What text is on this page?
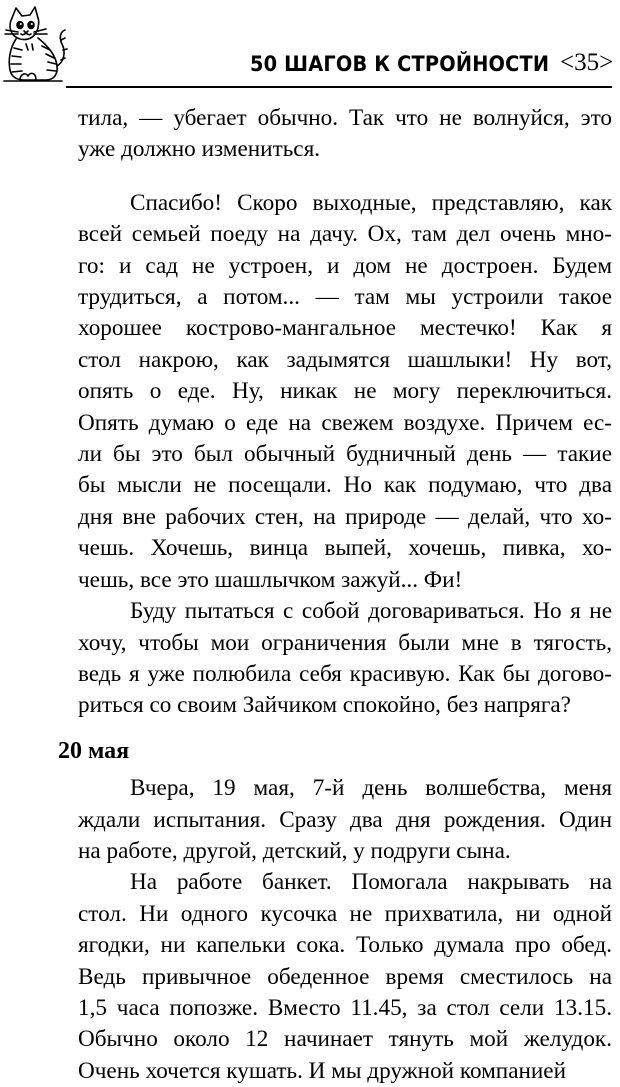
50 ШАГОВ К СТРОЙНОСТИ <35>

тила, — убегает обычно. Так что не волнуйся, это
уже должно измениться.

Спасибо! Скоро выходные, представляю, как
всей семьей поеду на дачу. Ох, там дел очень мно-
го: и сад не устроен, и дом не достроен. Будем
трудиться, а потом... — там мы устроили такое
хорошее кострово-мангальное местечко! Как я
стол накрою, как задымятся шашлыки! Ну вот,
опять о еде. Ну, никак не могу переключиться.
Опять думаю о еде на свежем воздухе. Причем ес-
ли бы это был обычный будничный день — такие
бы мысли не посещали. Но как подумаю, что два
дня вне рабочих стен, на природе — делай, что хо-
чешь. Хочешь, винца выпей, хочешь, пивка, хо-
чешь, все это шашлычком зажуй... Фи!

Буду пытаться с собой договариваться. Но я не
хочу, чтобы мои ограничения были мне в тягость,
ведь я уже полюбила себя красивую. Как бы догово-
риться со своим Зайчиком спокойно, без напряга?

20 мая

Вчера, 19 мая, 7-й день волшебства, меня
ждали испытания. Сразу два дня рождения. Один
на работе, другой, детский, у подруги сына.

На работе банкет. Помогала накрывать на
стол. Ни одного кусочка не прихватила, ни одной
ягодки, ни капельки сока. Только думала про обед.
Ведь привычное обеденное время сместилось на
1,5 часа попозже. Вместо 11.45, за стол сели 13.15.
Обычно около 12 начинает тянуть мой желудок.
Очень хочется кушать. И мы дружной компанией
